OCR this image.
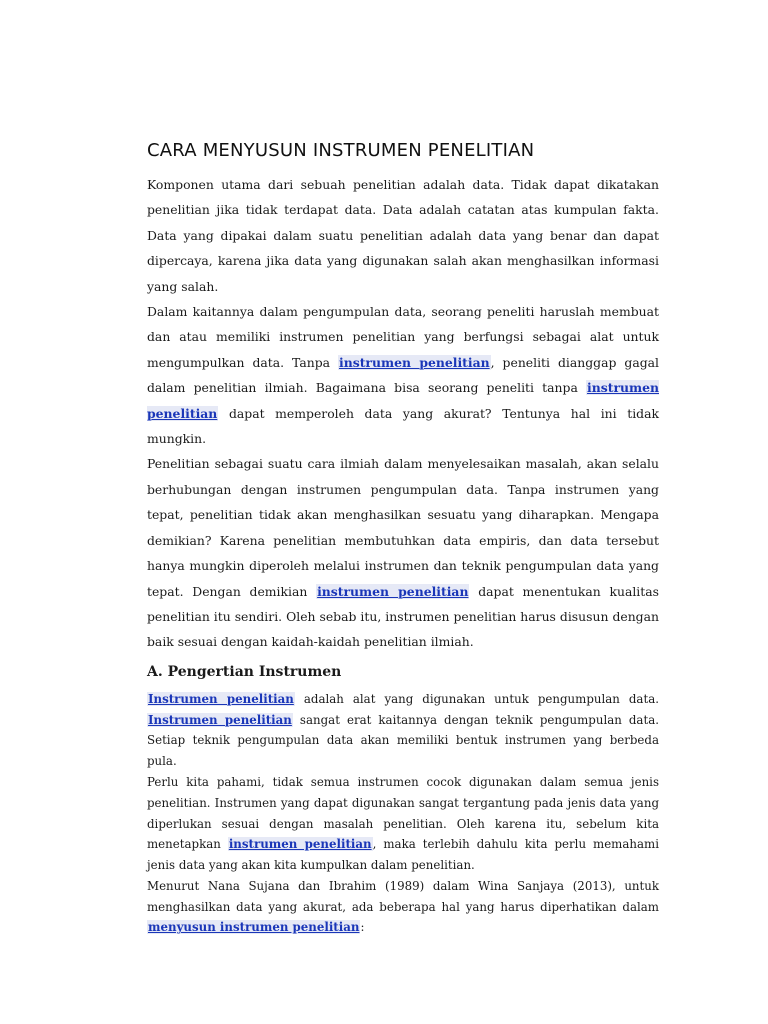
CARA MENYUSUN INSTRUMEN PENELITIAN

Komponen utama dari sebuah penelitian adalah data. Tidak dapat dikatakan penelitian jika tidak terdapat data. Data adalah catatan atas kumpulan fakta. Data yang dipakai dalam suatu penelitian adalah data yang benar dan dapat dipercaya, karena jika data yang digunakan salah akan menghasilkan informasi yang salah.

Dalam kaitannya dalam pengumpulan data, seorang peneliti haruslah membuat dan atau memiliki instrumen penelitian yang berfungsi sebagai alat untuk mengumpulkan data. Tanpa instrumen penelitian, peneliti dianggap gagal dalam penelitian ilmiah. Bagaimana bisa seorang peneliti tanpa instrumen penelitian dapat memperoleh data yang akurat? Tentunya hal ini tidak mungkin.

Penelitian sebagai suatu cara ilmiah dalam menyelesaikan masalah, akan selalu berhubungan dengan instrumen pengumpulan data. Tanpa instrumen yang tepat, penelitian tidak akan menghasilkan sesuatu yang diharapkan. Mengapa demikian? Karena penelitian membutuhkan data empiris, dan data tersebut hanya mungkin diperoleh melalui instrumen dan teknik pengumpulan data yang tepat. Dengan demikian instrumen penelitian dapat menentukan kualitas penelitian itu sendiri. Oleh sebab itu, instrumen penelitian harus disusun dengan baik sesuai dengan kaidah-kaidah penelitian ilmiah.

A. Pengertian Instrumen

Instrumen penelitian adalah alat yang digunakan untuk pengumpulan data. Instrumen penelitian sangat erat kaitannya dengan teknik pengumpulan data. Setiap teknik pengumpulan data akan memiliki bentuk instrumen yang berbeda pula.

Perlu kita pahami, tidak semua instrumen cocok digunakan dalam semua jenis penelitian. Instrumen yang dapat digunakan sangat tergantung pada jenis data yang diperlukan sesuai dengan masalah penelitian. Oleh karena itu, sebelum kita menetapkan instrumen penelitian, maka terlebih dahulu kita perlu memahami jenis data yang akan kita kumpulkan dalam penelitian.

Menurut Nana Sujana dan Ibrahim (1989) dalam Wina Sanjaya (2013), untuk menghasilkan data yang akurat, ada beberapa hal yang harus diperhatikan dalam menyusun instrumen penelitian:
